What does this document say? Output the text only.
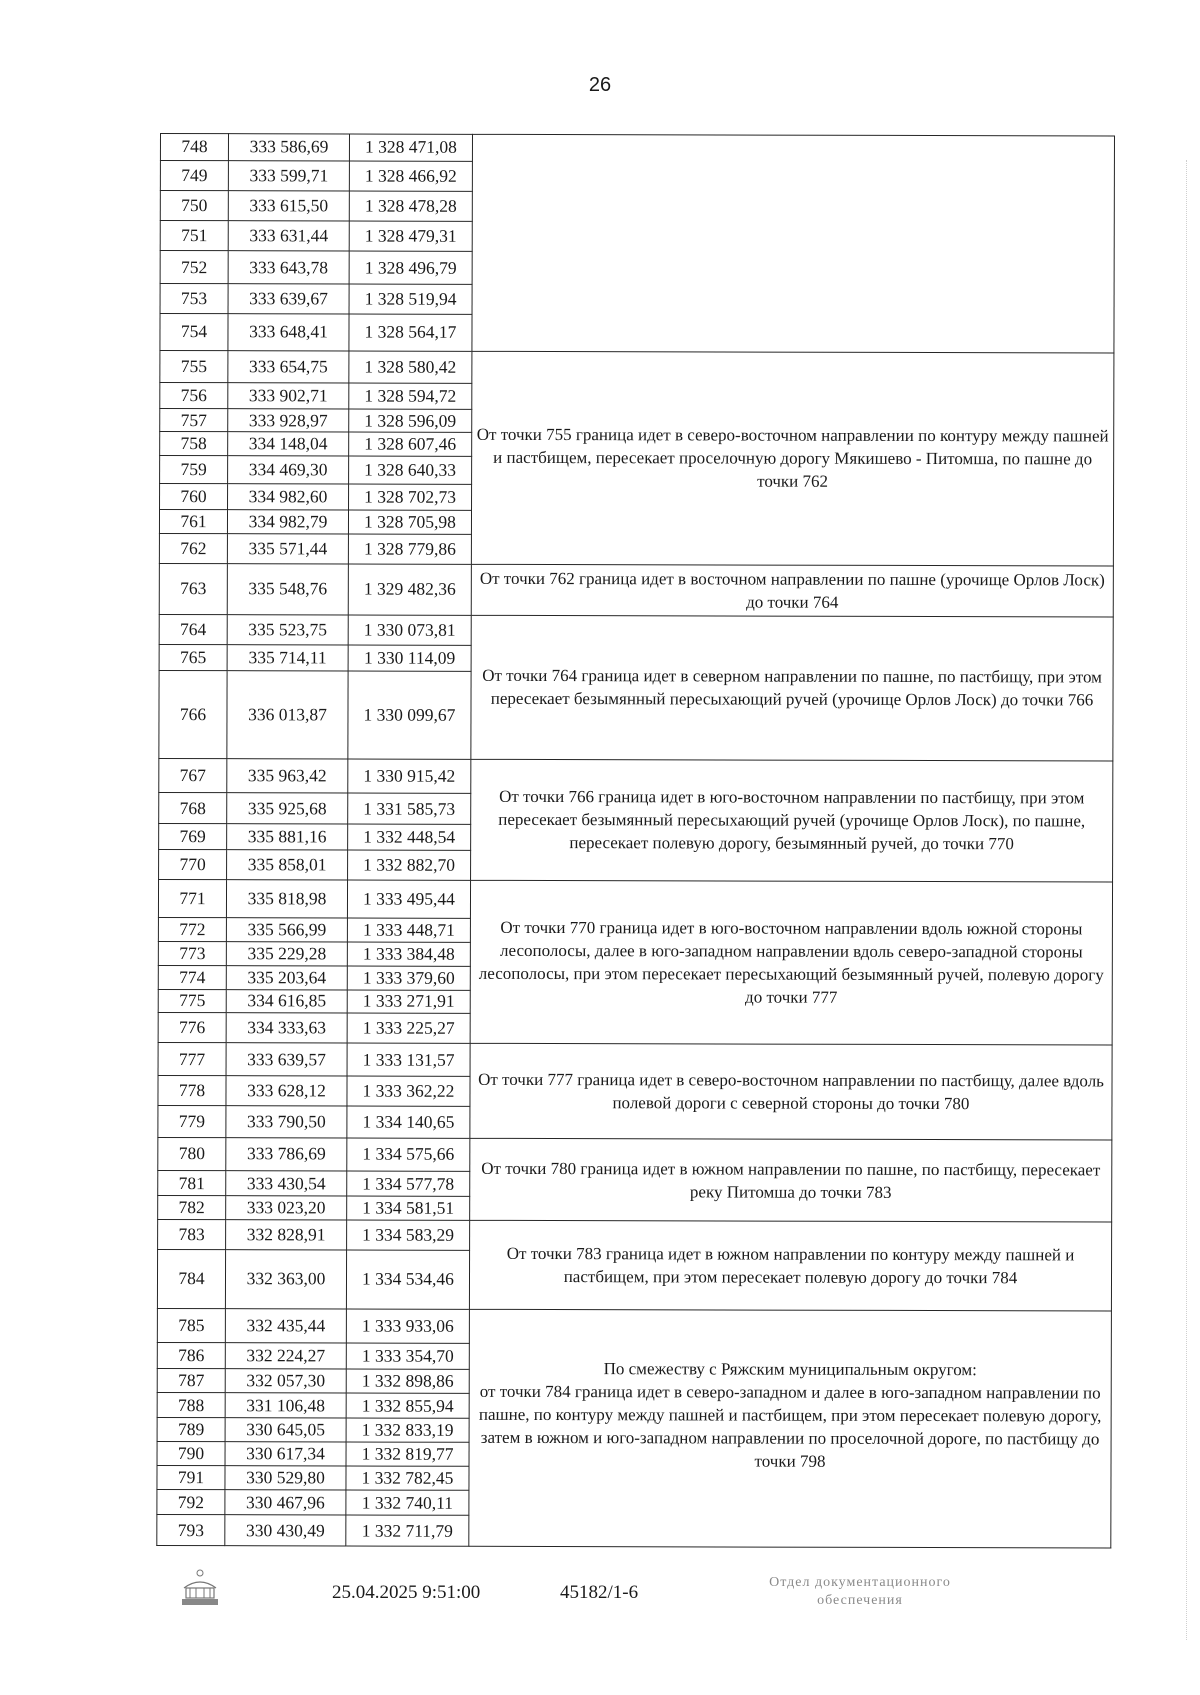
26
748	333 586,69	1 328 471,08	

749	333 599,71	1 328 466,92	
750	333 615,50	1 328 478,28	
751	333 631,44	1 328 479,31	
752	333 643,78	1 328 496,79	
753	333 639,67	1 328 519,94	
754	333 648,41	1 328 564,17	
755	333 654,75	1 328 580,42	От точки 755 граница идет в северо-восточном направлении по контуру между пашней и пастбищем, пересекает проселочную дорогу Мякишево - Питомша, по пашне до точки 762

756	333 902,71	1 328 594,72	
757	333 928,97	1 328 596,09	
758	334 148,04	1 328 607,46	
759	334 469,30	1 328 640,33	
760	334 982,60	1 328 702,73	
761	334 982,79	1 328 705,98	
762	335 571,44	1 328 779,86	
763	335 548,76	1 329 482,36	От точки 762 граница идет в восточном направлении по пашне (урочище Орлов Лоск) до точки 764

764	335 523,75	1 330 073,81	От точки 764 граница идет в северном направлении по пашне, по пастбищу, при этом пересекает безымянный пересыхающий ручей (урочище Орлов Лоск) до точки 766

765	335 714,11	1 330 114,09	
766	336 013,87	1 330 099,67	
767	335 963,42	1 330 915,42	От точки 766 граница идет в юго-восточном направлении по пастбищу, при этом пересекает безымянный пересыхающий ручей (урочище Орлов Лоск), по пашне, пересекает полевую дорогу, безымянный ручей, до точки 770

768	335 925,68	1 331 585,73	
769	335 881,16	1 332 448,54	
770	335 858,01	1 332 882,70	
771	335 818,98	1 333 495,44	От точки 770 граница идет в юго-восточном направлении вдоль южной стороны лесополосы, далее в юго-западном направлении вдоль северо-западной стороны лесополосы, при этом пересекает пересыхающий безымянный ручей, полевую дорогу до точки 777

772	335 566,99	1 333 448,71	
773	335 229,28	1 333 384,48	
774	335 203,64	1 333 379,60	
775	334 616,85	1 333 271,91	
776	334 333,63	1 333 225,27	
777	333 639,57	1 333 131,57	От точки 777 граница идет в северо-восточном направлении по пастбищу, далее вдоль полевой дороги с северной стороны до точки 780

778	333 628,12	1 333 362,22	
779	333 790,50	1 334 140,65	
780	333 786,69	1 334 575,66	От точки 780 граница идет в южном направлении по пашне, по пастбищу, пересекает реку Питомша до точки 783

781	333 430,54	1 334 577,78	
782	333 023,20	1 334 581,51	
783	332 828,91	1 334 583,29	От точки 783 граница идет в южном направлении по контуру между пашней и пастбищем, при этом пересекает полевую дорогу до точки 784

784	332 363,00	1 334 534,46	
785	332 435,44	1 333 933,06	По смежеству с Ряжским муниципальным округом:
от точки 784 граница идет в северо-западном и далее в юго-западном направлении по пашне, по контуру между пашней и пастбищем, при этом пересекает полевую дорогу, затем в южном и юго-западном направлении по проселочной дороге, по пастбищу до точки 798

786	332 224,27	1 333 354,70	
787	332 057,30	1 332 898,86	
788	331 106,48	1 332 855,94	
789	330 645,05	1 332 833,19	
790	330 617,34	1 332 819,77	
791	330 529,80	1 332 782,45	
792	330 467,96	1 332 740,11	
793	330 430,49	1 332 711,79	
25.04.2025 9:51:00	45182/1-6	Отдел документационного
обеспечения
